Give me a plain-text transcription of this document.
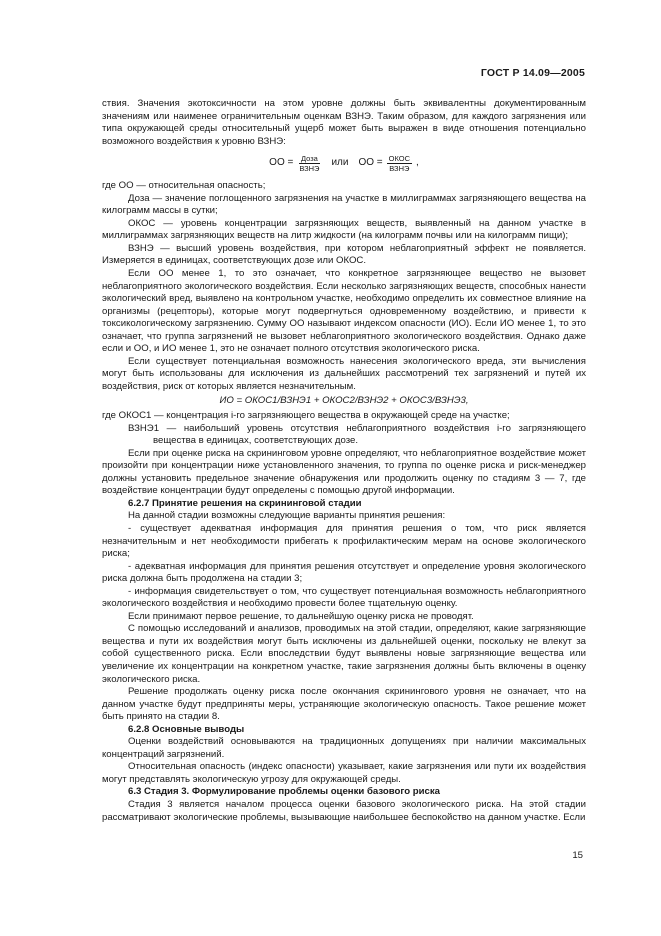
ГОСТ Р 14.09—2005

ствия. Значения экотоксичности на этом уровне должны быть эквивалентны документированным значениям или наименее ограничительным оценкам ВЗНЭ. Таким образом, для каждого загрязнения или типа окружающей среды относительный ущерб может быть выражен в виде отношения потенциально возможного воздействия к уровню ВЗНЭ:

ОО = $\frac{\text{Доза}}{\text{ВЗНЭ}}$ или ОО = $\frac{\text{ОКОС}}{\text{ВЗНЭ}}$ ,

где ОО — относительная опасность;

Доза — значение поглощенного загрязнения на участке в миллиграммах загрязняющего вещества на килограмм массы в сутки;

ОКОС — уровень концентрации загрязняющих веществ, выявленный на данном участке в миллиграммах загрязняющих веществ на литр жидкости (на килограмм почвы или на килограмм пищи);

ВЗНЭ — высший уровень воздействия, при котором неблагоприятный эффект не появляется. Измеряется в единицах, соответствующих дозе или ОКОС.

Если ОО менее 1, то это означает, что конкретное загрязняющее вещество не вызовет неблагоприятного экологического воздействия. Если несколько загрязняющих веществ, способных нанести экологический вред, выявлено на контрольном участке, необходимо определить их совместное влияние на организмы (рецепторы), которые могут подвергнуться одновременному воздействию, и привести к токсикологическому загрязнению. Сумму ОО называют индексом опасности (ИО). Если ИО менее 1, то это означает, что группа загрязнений не вызовет неблагоприятного экологического воздействия. Однако даже если и ОО, и ИО менее 1, это не означает полного отсутствия экологического риска.

Если существует потенциальная возможность нанесения экологического вреда, эти вычисления могут быть использованы для исключения из дальнейших рассмотрений тех загрязнений и путей их воздействия, риск от которых является незначительным.

ИО = ОКОС1/ВЗНЭ1 + ОКОС2/ВЗНЭ2 + ОКОС3/ВЗНЭ3,

где ОКОС1 — концентрация i-го загрязняющего вещества в окружающей среде на участке;

ВЗНЭ1 — наибольший уровень отсутствия неблагоприятного воздействия i-го загрязняющего вещества в единицах, соответствующих дозе.

Если при оценке риска на скрининговом уровне определяют, что неблагоприятное воздействие может произойти при концентрации ниже установленного значения, то группа по оценке риска и риск-менеджер должны установить предельное значение обнаружения или продолжить оценку по стадиям 3 — 7, где воздействие концентрации будут определены с помощью другой информации.

6.2.7 Принятие решения на скрининговой стадии

На данной стадии возможны следующие варианты принятия решения:

- существует адекватная информация для принятия решения о том, что риск является незначительным и нет необходимости прибегать к профилактическим мерам на основе экологического риска;

- адекватная информация для принятия решения отсутствует и определение уровня экологического риска должна быть продолжена на стадии 3;

- информация свидетельствует о том, что существует потенциальная возможность неблагоприятного экологического воздействия и необходимо провести более тщательную оценку.

Если принимают первое решение, то дальнейшую оценку риска не проводят.

С помощью исследований и анализов, проводимых на этой стадии, определяют, какие загрязняющие вещества и пути их воздействия могут быть исключены из дальнейшей оценки, поскольку не влекут за собой существенного риска. Если впоследствии будут выявлены новые загрязняющие вещества или увеличение их концентрации на конкретном участке, такие загрязнения должны быть включены в оценку экологического риска.

Решение продолжать оценку риска после окончания скринингового уровня не означает, что на данном участке будут предприняты меры, устраняющие экологическую опасность. Такое решение может быть принято на стадии 8.

6.2.8 Основные выводы

Оценки воздействий основываются на традиционных допущениях при наличии максимальных концентраций загрязнений.

Относительная опасность (индекс опасности) указывает, какие загрязнения или пути их воздействия могут представлять экологическую угрозу для окружающей среды.

6.3 Стадия 3. Формулирование проблемы оценки базового риска

Стадия 3 является началом процесса оценки базового экологического риска. На этой стадии рассматривают экологические проблемы, вызывающие наибольшее беспокойство на данном участке. Если

15
